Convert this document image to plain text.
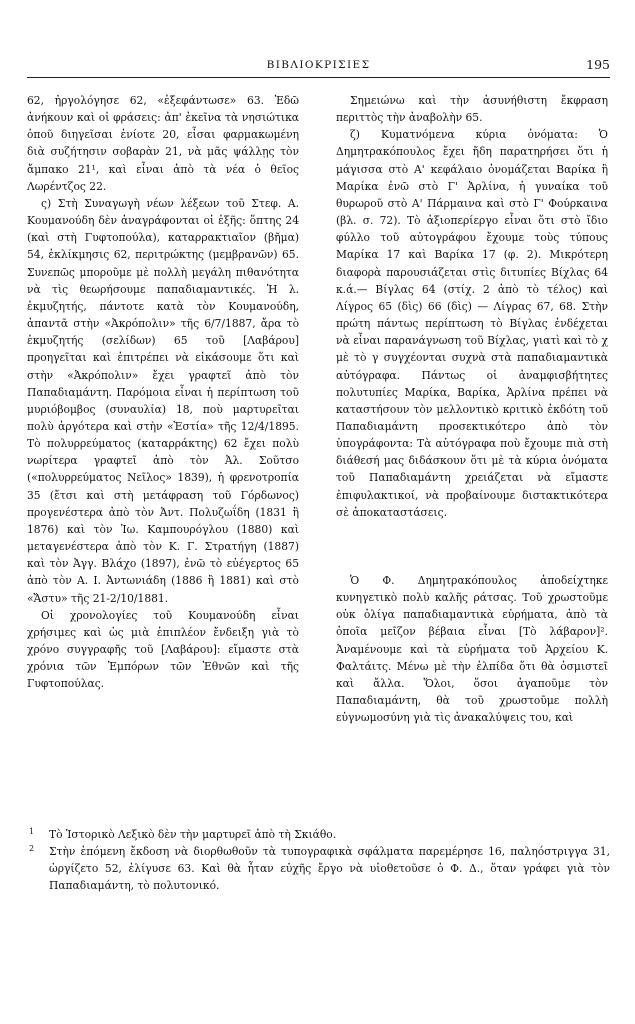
ΒΙΒΛΙΟΚΡΙΣΙΕΣ	195

62, ἠργολόγησε 62, «ἐξεφάντωσε» 63. Ἐδῶ ἀνήκουν καὶ οἱ φράσεις: ἀπ' ἐκεῖνα τὰ νησιώτικα ὁποῦ διηγεῖσαι ἐνίοτε 20, εἶσαι φαρμακωμένη διὰ συζήτησιν σοβαρὰν 21, νὰ μᾶς ψάλλῃς τὸν ἄμπακο 21¹, καὶ εἶναι ἀπὸ τὰ νέα ὁ θεῖος Λωρέντζος 22.

ς) Στὴ Συναγωγὴ νέων λέξεων τοῦ Στεφ. Α. Κουμανούδη δὲν ἀναγράφονται οἱ ἑξῆς: ὅπτης 24 (καὶ στὴ Γυφτοπούλα), καταρρακτιαῖον (βῆμα) 54, ἐκλίκμησις 62, περιτρώκτης (μεμβρανῶν) 65. Συνεπῶς μποροῦμε μὲ πολλὴ μεγάλη πιθανότητα νὰ τὶς θεωρήσουμε παπαδιαμαντικές. Ἡ λ. ἐκμυζητής, πάντοτε κατὰ τὸν Κουμανούδη, ἀπαντᾶ στὴν «Ἀκρόπολιν» τῆς 6/7/1887, ἄρα τὸ ἐκμυζητής (σελίδων) 65 τοῦ [Λαβάρου] προηγεῖται καὶ ἐπιτρέπει νὰ εἰκάσουμε ὅτι καὶ στὴν «Ἀκρόπολιν» ἔχει γραφτεῖ ἀπὸ τὸν Παπαδιαμάντη. Παρόμοια εἶναι ἡ περίπτωση τοῦ μυριόβομβος (συναυλία) 18, ποὺ μαρτυρεῖται πολὺ ἀργότερα καὶ στὴν «Ἑστία» τῆς 12/4/1895. Τὸ πολυρρεύματος (καταρράκτης) 62 ἔχει πολὺ νωρίτερα γραφτεῖ ἀπὸ τὸν Ἀλ. Σοῦτσο («πολυρρεύματος Νεῖλος» 1839), ἡ φρενοτροπία 35 (ἔτσι καὶ στὴ μετάφραση τοῦ Γόρδωνος) προγενέστερα ἀπὸ τὸν Ἀντ. Πολυζωΐδη (1831 ἢ 1876) καὶ τὸν Ἰω. Καμπουρόγλου (1880) καὶ μεταγενέστερα ἀπὸ τὸν Κ. Γ. Στρατήγη (1887) καὶ τὸν Ἀγγ. Βλάχο (1897), ἐνῶ τὸ εὐέγερτος 65 ἀπὸ τὸν Α. Ι. Ἀντωνιάδη (1886 ἢ 1881) καὶ στὸ «Ἄστυ» τῆς 21-2/10/1881.

Οἱ χρονολογίες τοῦ Κουμανούδη εἶναι χρήσιμες καὶ ὡς μιὰ ἐπιπλέον ἔνδειξη γιὰ τὸ χρόνο συγγραφῆς τοῦ [Λαβάρου]: εἴμαστε στὰ χρόνια τῶν Ἐμπόρων τῶν Ἐθνῶν καὶ τῆς Γυφτοπούλας.

Σημειώνω καὶ τὴν ἀσυνήθιστη ἔκφραση περιττὸς τὴν ἀναβολὴν 65.

ζ) Κυματνόμενα κύρια ὀνόματα: Ὁ Δημητρακόπουλος ἔχει ἤδη παρατηρήσει ὅτι ἡ μάγισσα στὸ Α' κεφάλαιο ὀνομάζεται Βαρίκα ἢ Μαρίκα ἐνῶ στὸ Γ' Ἀρλίνα, ἡ γυναίκα τοῦ θυρωροῦ στὸ Α' Πάρμαινα καὶ στὸ Γ' Φούρκαινα (βλ. σ. 72). Τὸ ἀξιοπερίεργο εἶναι ὅτι στὸ ἴδιο φύλλο τοῦ αὐτογράφου ἔχουμε τοὺς τύπους Μαρίκα 17 καὶ Βαρίκα 17 (φ. 2). Μικρότερη διαφορὰ παρουσιάζεται στὶς διτυπίες Βίχλας 64 κ.ά.— Βίγλας 64 (στίχ. 2 ἀπὸ τὸ τέλος) καὶ Λίγρος 65 (δὶς) 66 (δὶς) — Λίγρας 67, 68. Στὴν πρώτη πάντως περίπτωση τὸ Βίγλας ἐνδέχεται νὰ εἶναι παρανάγνωση τοῦ Βίχλας, γιατὶ καὶ τὸ χ μὲ τὸ γ συγχέονται συχνὰ στὰ παπαδιαμαντικὰ αὐτόγραφα. Πάντως οἱ ἀναμφισβήτητες πολυτυπίες Μαρίκα, Βαρίκα, Ἀρλίνα πρέπει νὰ καταστήσουν τὸν μελλοντικὸ κριτικὸ ἐκδότη τοῦ Παπαδιαμάντη προσεκτικότερο ἀπὸ τὸν ὑπογράφοντα: Τὰ αὐτόγραφα ποὺ ἔχουμε πιὰ στὴ διάθεσή μας διδάσκουν ὅτι μὲ τὰ κύρια ὀνόματα τοῦ Παπαδιαμάντη χρειάζεται νὰ εἴμαστε ἐπιφυλακτικοί, νὰ προβαίνουμε διστακτικότερα σὲ ἀποκαταστάσεις.

Ὁ Φ. Δημητρακόπουλος ἀποδείχτηκε κυνηγετικὸ πολὺ καλῆς ράτσας. Τοῦ χρωστοῦμε οὐκ ὀλίγα παπαδιαμαντικὰ εὑρήματα, ἀπὸ τὰ ὁποῖα μεῖζον βέβαια εἶναι [Τὸ λάβαρον]². Ἀναμένουμε καὶ τὰ εὑρήματα τοῦ Ἀρχείου Κ. Φαλτάιτς. Μένω μὲ τὴν ἐλπίδα ὅτι θὰ ὀσμιστεῖ καὶ ἄλλα. Ὅλοι, ὅσοι ἀγαποῦμε τὸν Παπαδιαμάντη, θὰ τοῦ χρωστοῦμε πολλὴ εὐγνωμοσύνη γιὰ τὶς ἀνακαλύψεις του, καὶ

1 Τὸ Ἱστορικὸ Λεξικὸ δὲν τὴν μαρτυρεῖ ἀπὸ τὴ Σκιάθο.
2 Στὴν ἑπόμενη ἔκδοση νὰ διορθωθοῦν τὰ τυπογραφικὰ σφάλματα παρεμέρησε 16, παληόστριγγα 31, ὠργίζετο 52, ἐλίγυσε 63. Καὶ θὰ ἦταν εὐχῆς ἔργο νὰ υἱοθετοῦσε ὁ Φ. Δ., ὅταν γράφει γιὰ τὸν Παπαδιαμάντη, τὸ πολυτονικό.
